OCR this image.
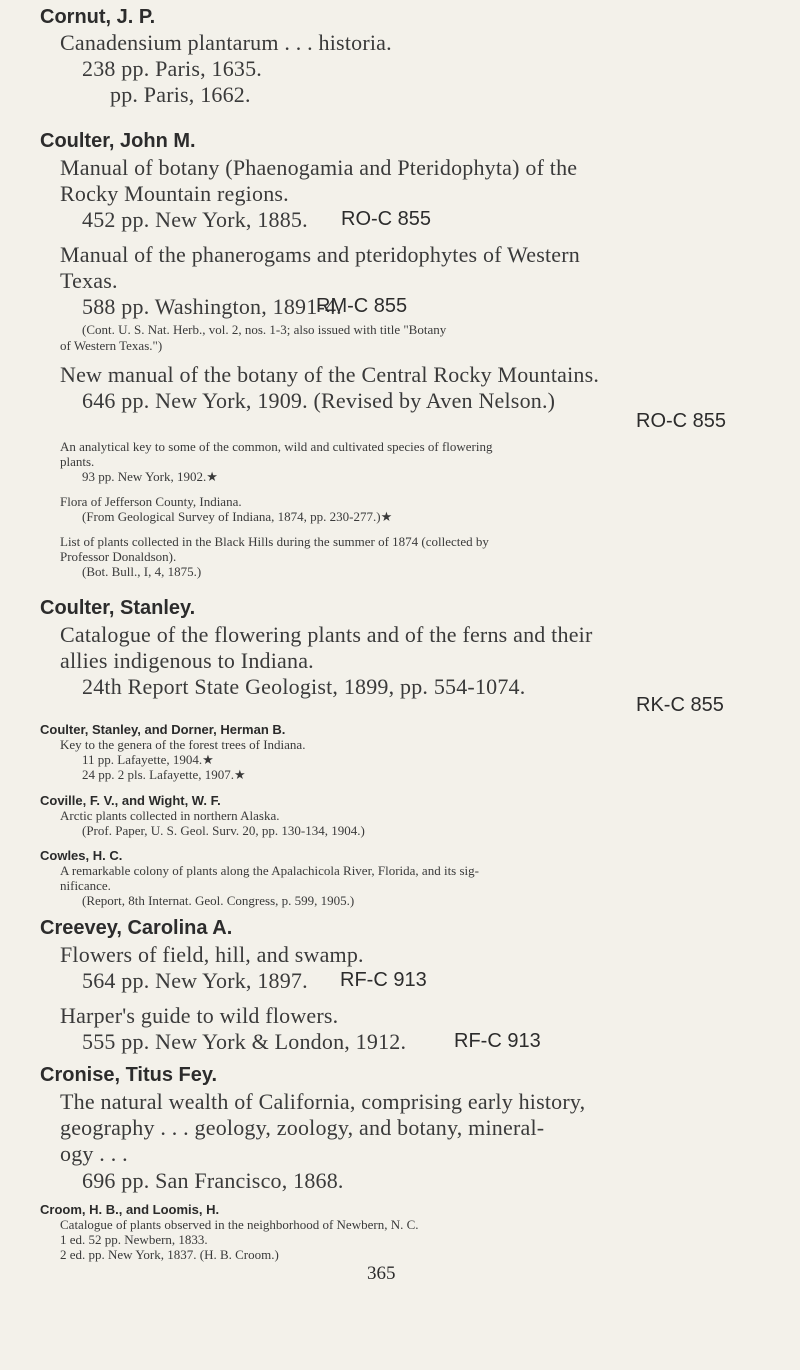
Cornut, J. P.
Canadensium plantarum . . . historia.
238 pp. Paris, 1635.
pp. Paris, 1662.
Coulter, John M.
Manual of botany (Phaenogamia and Pteridophyta) of the
Rocky Mountain regions.
452 pp. New York, 1885. RO-C 855
Manual of the phanerogams and pteridophytes of Western
Texas.
588 pp. Washington, 1891-4.
RM-C 855
(Cont. U. S. Nat. Herb., vol. 2, nos. 1-3; also issued with title "Botany
of Western Texas.")
New manual of the botany of the Central Rocky Mountains.
646 pp. New York, 1909. (Revised by Aven Nelson.)
RO-C 855
An analytical key to some of the common, wild and cultivated species of flowering
plants.
93 pp. New York, 1902.★
Flora of Jefferson County, Indiana.
(From Geological Survey of Indiana, 1874, pp. 230-277.)★
List of plants collected in the Black Hills during the summer of 1874 (collected by
Professor Donaldson).
(Bot. Bull., I, 4, 1875.)
Coulter, Stanley.
Catalogue of the flowering plants and of the ferns and their
allies indigenous to Indiana.
24th Report State Geologist, 1899, pp. 554-1074.
RK-C 855
Coulter, Stanley, and Dorner, Herman B.
Key to the genera of the forest trees of Indiana.
11 pp. Lafayette, 1904.★
24 pp. 2 pls. Lafayette, 1907.★
Coville, F. V., and Wight, W. F.
Arctic plants collected in northern Alaska.
(Prof. Paper, U. S. Geol. Surv. 20, pp. 130-134, 1904.)
Cowles, H. C.
A remarkable colony of plants along the Apalachicola River, Florida, and its sig-
nificance.
(Report, 8th Internat. Geol. Congress, p. 599, 1905.)
Creevey, Carolina A.
Flowers of field, hill, and swamp.
564 pp. New York, 1897. RF-C 913
Harper's guide to wild flowers.
555 pp. New York & London, 1912. RF-C 913
Cronise, Titus Fey.
The natural wealth of California, comprising early history,
geography . . . geology, zoology, and botany, mineral-
ogy . . .
696 pp. San Francisco, 1868.
Croom, H. B., and Loomis, H.
Catalogue of plants observed in the neighborhood of Newbern, N. C.
1 ed. 52 pp. Newbern, 1833.
2 ed. pp. New York, 1837. (H. B. Croom.)
365
